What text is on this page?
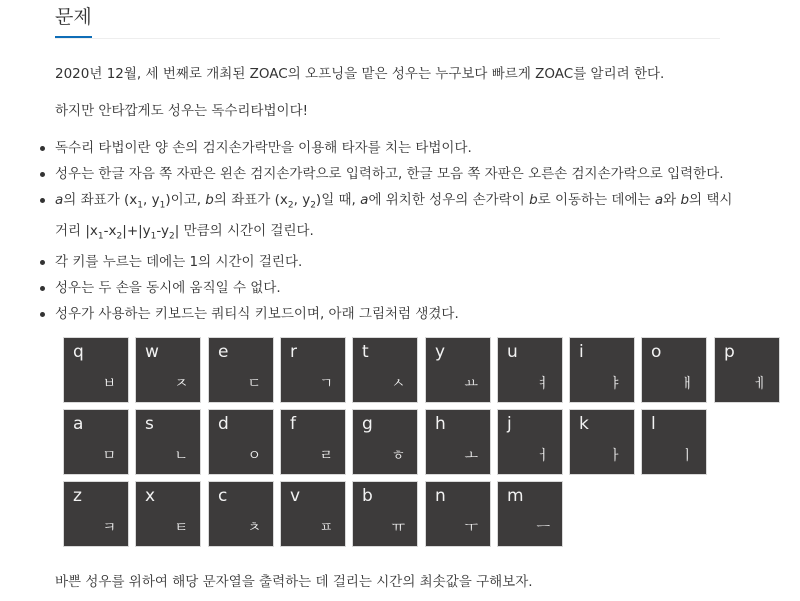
문제

2020년 12월, 세 번째로 개최된 ZOAC의 오프닝을 맡은 성우는 누구보다 빠르게 ZOAC를 알리려 한다.

하지만 안타깝게도 성우는 독수리타법이다!

독수리 타법이란 양 손의 검지손가락만을 이용해 타자를 치는 타법이다.
성우는 한글 자음 쪽 자판은 왼손 검지손가락으로 입력하고, 한글 모음 쪽 자판은 오른손 검지손가락으로 입력한다.
a의 좌표가 ($x_1$, $y_1$)이고, b의 좌표가 ($x_2$, $y_2$)일 때, a에 위치한 성우의 손가락이 b로 이동하는 데에는 a와 b의 택시
거리 $|x_1-x_2|+|y_1-y_2|$ 만큼의 시간이 걸린다.
각 키를 누르는 데에는 1의 시간이 걸린다.
성우는 두 손을 동시에 움직일 수 없다.
성우가 사용하는 키보드는 쿼티식 키보드이며, 아래 그림처럼 생겼다.
q
ㅂ
w
ㅈ
e
ㄷ
r
ㄱ
t
ㅅ
y
ㅛ
u
ㅕ
i
ㅑ
o
ㅐ
p
ㅔ
a
ㅁ
s
ㄴ
d
ㅇ
f
ㄹ
g
ㅎ
h
ㅗ
j
ㅓ
k
ㅏ
l
ㅣ
z
ㅋ
x
ㅌ
c
ㅊ
v
ㅍ
b
ㅠ
n
ㅜ
m
ㅡ

바쁜 성우를 위하여 해당 문자열을 출력하는 데 걸리는 시간의 최솟값을 구해보자.
